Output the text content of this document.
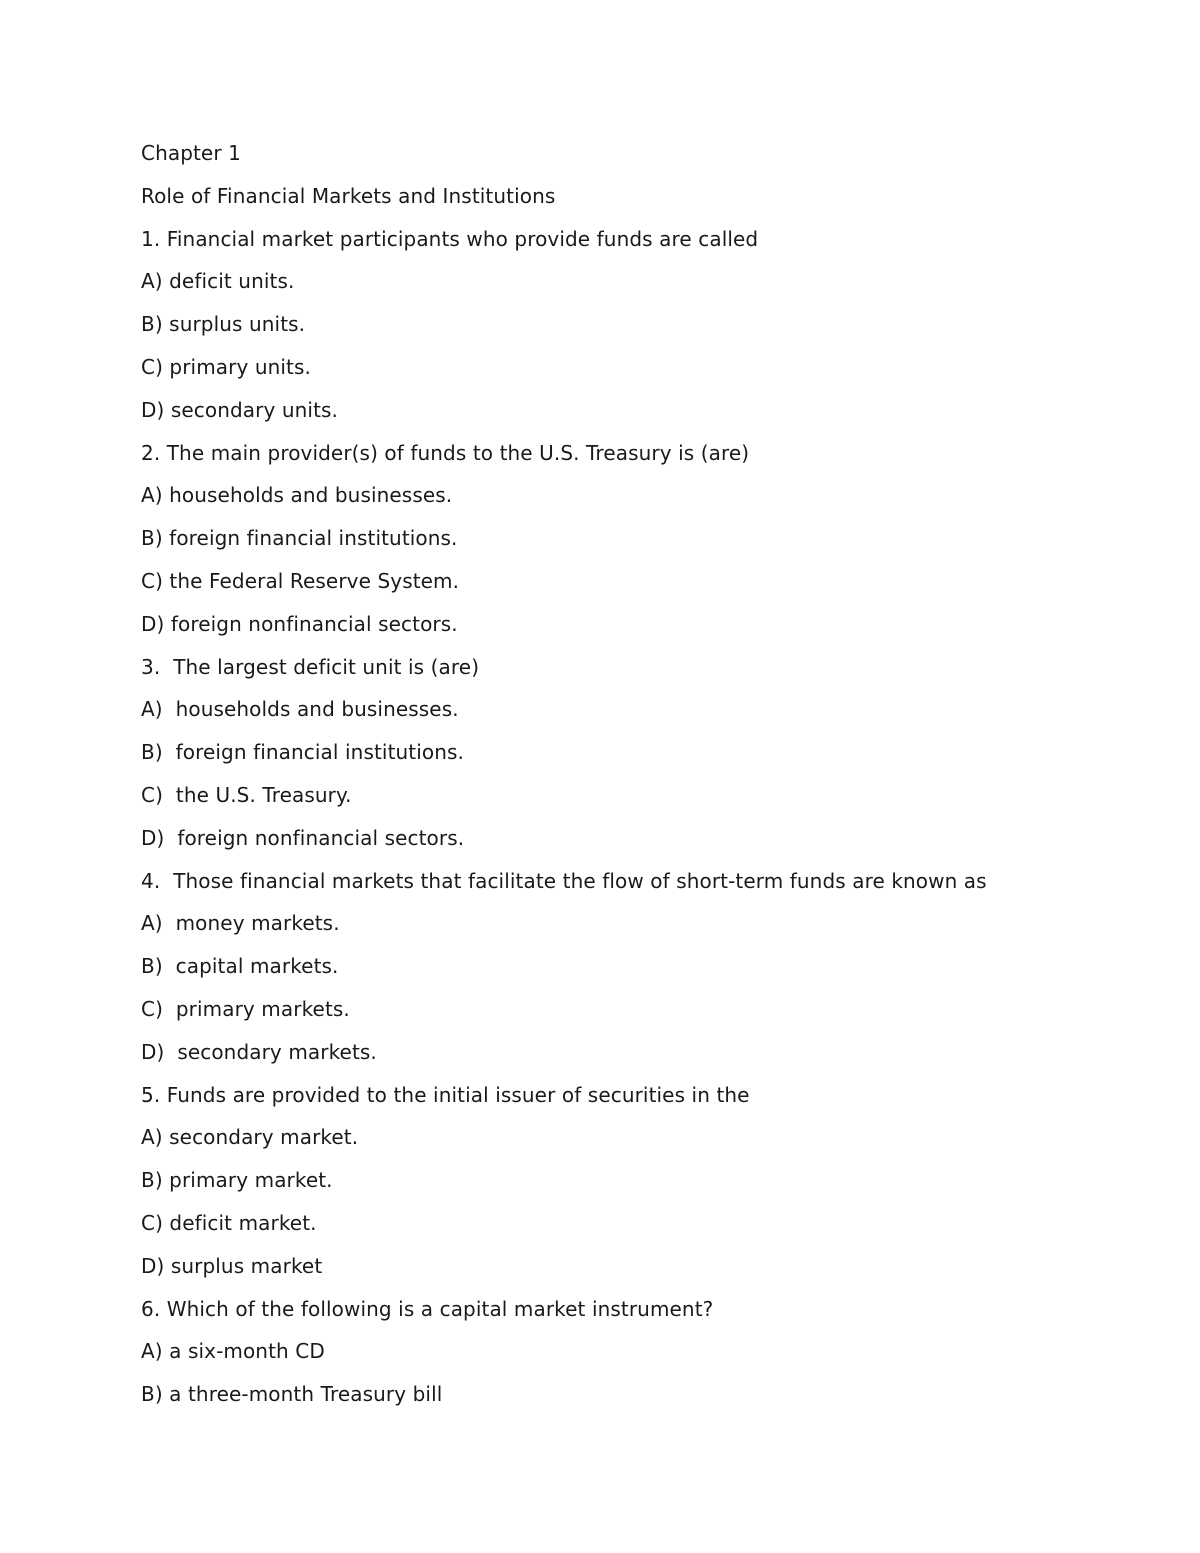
Chapter 1
Role of Financial Markets and Institutions
1. Financial market participants who provide funds are called
A) deficit units.
B) surplus units.
C) primary units.
D) secondary units.
2. The main provider(s) of funds to the U.S. Treasury is (are)
A) households and businesses.
B) foreign financial institutions.
C) the Federal Reserve System.
D) foreign nonfinancial sectors.
3.  The largest deficit unit is (are)
A)  households and businesses.
B)  foreign financial institutions.
C)  the U.S. Treasury.
D)  foreign nonfinancial sectors.
4.  Those financial markets that facilitate the flow of short-term funds are known as
A)  money markets.
B)  capital markets.
C)  primary markets.
D)  secondary markets.
5. Funds are provided to the initial issuer of securities in the
A) secondary market.
B) primary market.
C) deficit market.
D) surplus market
6. Which of the following is a capital market instrument?
A) a six-month CD
B) a three-month Treasury bill
